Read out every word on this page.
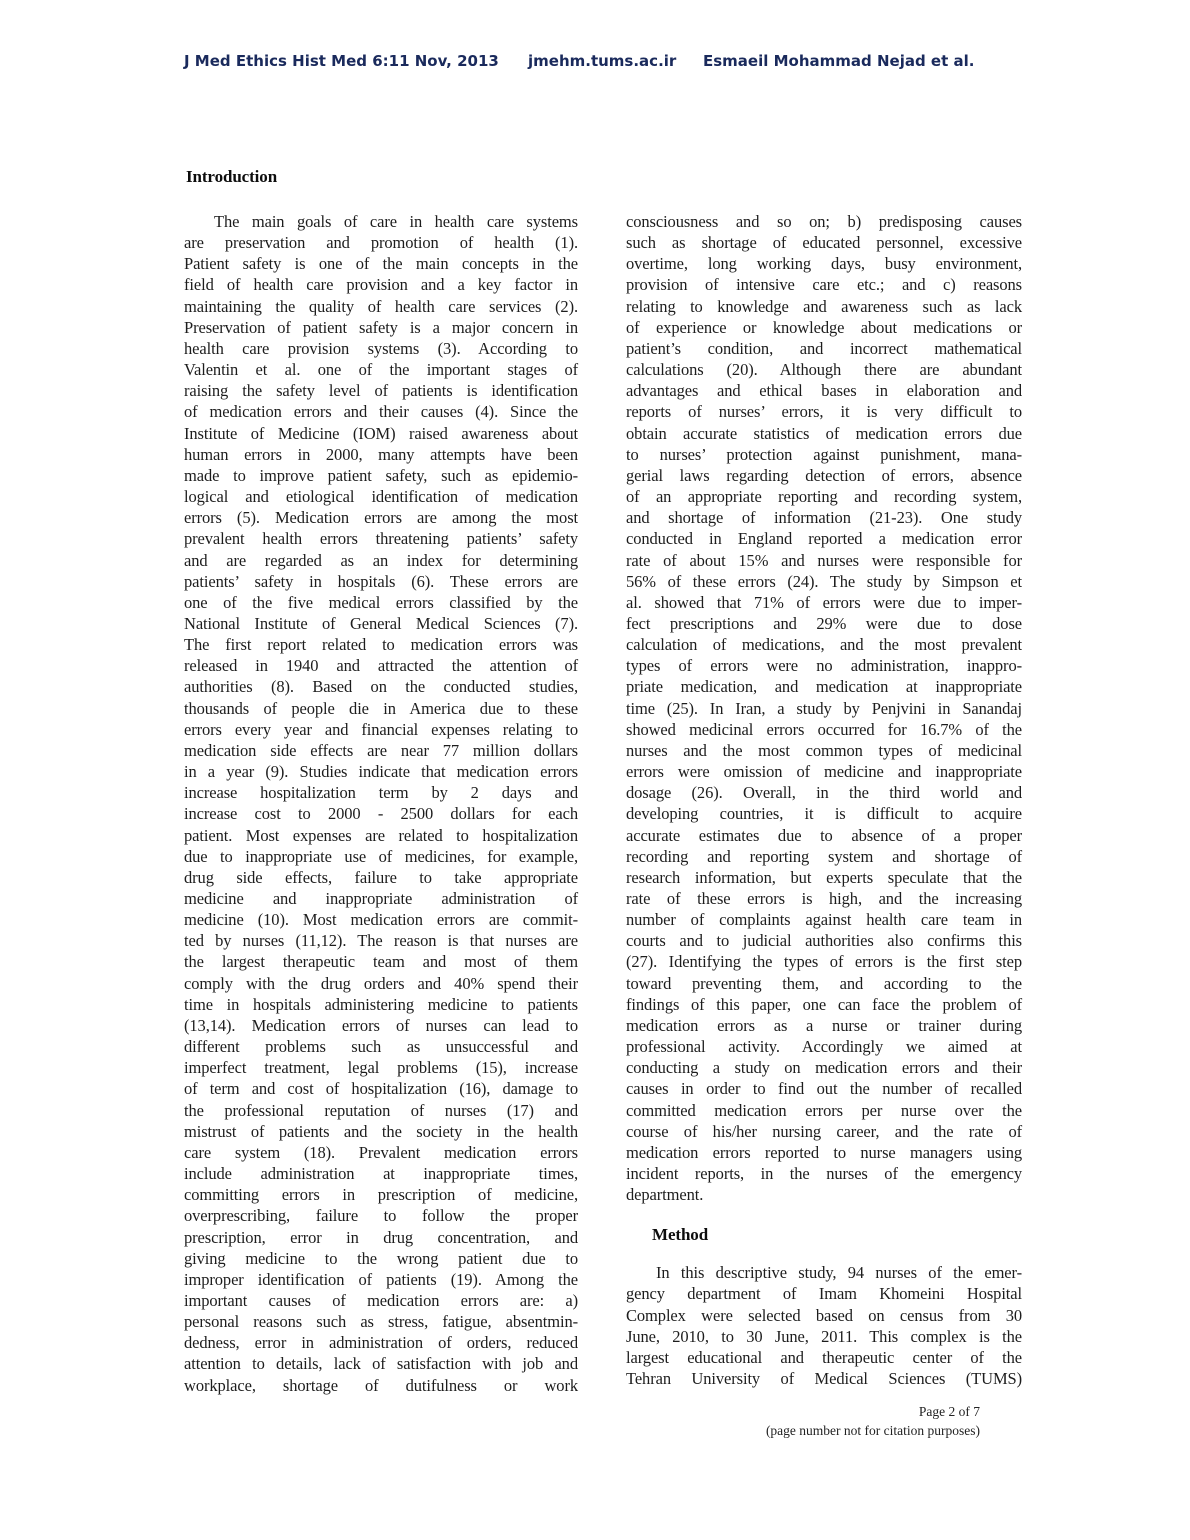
J Med Ethics Hist Med 6:11 Nov, 2013 jmehm.tums.ac.ir Esmaeil Mohammad Nejad et al.
Introduction
The main goals of care in health care systems
are preservation and promotion of health (1).
Patient safety is one of the main concepts in the
field of health care provision and a key factor in
maintaining the quality of health care services (2).
Preservation of patient safety is a major concern in
health care provision systems (3). According to
Valentin et al. one of the important stages of
raising the safety level of patients is identification
of medication errors and their causes (4). Since the
Institute of Medicine (IOM) raised awareness about
human errors in 2000, many attempts have been
made to improve patient safety, such as epidemio-
logical and etiological identification of medication
errors (5). Medication errors are among the most
prevalent health errors threatening patients’ safety
and are regarded as an index for determining
patients’ safety in hospitals (6). These errors are
one of the five medical errors classified by the
National Institute of General Medical Sciences (7).
The first report related to medication errors was
released in 1940 and attracted the attention of
authorities (8). Based on the conducted studies,
thousands of people die in America due to these
errors every year and financial expenses relating to
medication side effects are near 77 million dollars
in a year (9). Studies indicate that medication errors
increase hospitalization term by 2 days and
increase cost to 2000 - 2500 dollars for each
patient. Most expenses are related to hospitalization
due to inappropriate use of medicines, for example,
drug side effects, failure to take appropriate
medicine and inappropriate administration of
medicine (10). Most medication errors are commit-
ted by nurses (11,12). The reason is that nurses are
the largest therapeutic team and most of them
comply with the drug orders and 40% spend their
time in hospitals administering medicine to patients
(13,14). Medication errors of nurses can lead to
different problems such as unsuccessful and
imperfect treatment, legal problems (15), increase
of term and cost of hospitalization (16), damage to
the professional reputation of nurses (17) and
mistrust of patients and the society in the health
care system (18). Prevalent medication errors
include administration at inappropriate times,
committing errors in prescription of medicine,
overprescribing, failure to follow the proper
prescription, error in drug concentration, and
giving medicine to the wrong patient due to
improper identification of patients (19). Among the
important causes of medication errors are: a)
personal reasons such as stress, fatigue, absentmin-
dedness, error in administration of orders, reduced
attention to details, lack of satisfaction with job and
workplace, shortage of dutifulness or work
consciousness and so on; b) predisposing causes
such as shortage of educated personnel, excessive
overtime, long working days, busy environment,
provision of intensive care etc.; and c) reasons
relating to knowledge and awareness such as lack
of experience or knowledge about medications or
patient’s condition, and incorrect mathematical
calculations (20). Although there are abundant
advantages and ethical bases in elaboration and
reports of nurses’ errors, it is very difficult to
obtain accurate statistics of medication errors due
to nurses’ protection against punishment, mana-
gerial laws regarding detection of errors, absence
of an appropriate reporting and recording system,
and shortage of information (21-23). One study
conducted in England reported a medication error
rate of about 15% and nurses were responsible for
56% of these errors (24). The study by Simpson et
al. showed that 71% of errors were due to imper-
fect prescriptions and 29% were due to dose
calculation of medications, and the most prevalent
types of errors were no administration, inappro-
priate medication, and medication at inappropriate
time (25). In Iran, a study by Penjvini in Sanandaj
showed medicinal errors occurred for 16.7% of the
nurses and the most common types of medicinal
errors were omission of medicine and inappropriate
dosage (26). Overall, in the third world and
developing countries, it is difficult to acquire
accurate estimates due to absence of a proper
recording and reporting system and shortage of
research information, but experts speculate that the
rate of these errors is high, and the increasing
number of complaints against health care team in
courts and to judicial authorities also confirms this
(27). Identifying the types of errors is the first step
toward preventing them, and according to the
findings of this paper, one can face the problem of
medication errors as a nurse or trainer during
professional activity. Accordingly we aimed at
conducting a study on medication errors and their
causes in order to find out the number of recalled
committed medication errors per nurse over the
course of his/her nursing career, and the rate of
medication errors reported to nurse managers using
incident reports, in the nurses of the emergency
department.
Method
In this descriptive study, 94 nurses of the emer-
gency department of Imam Khomeini Hospital
Complex were selected based on census from 30
June, 2010, to 30 June, 2011. This complex is the
largest educational and therapeutic center of the
Tehran University of Medical Sciences (TUMS)
Page 2 of 7
(page number not for citation purposes)
